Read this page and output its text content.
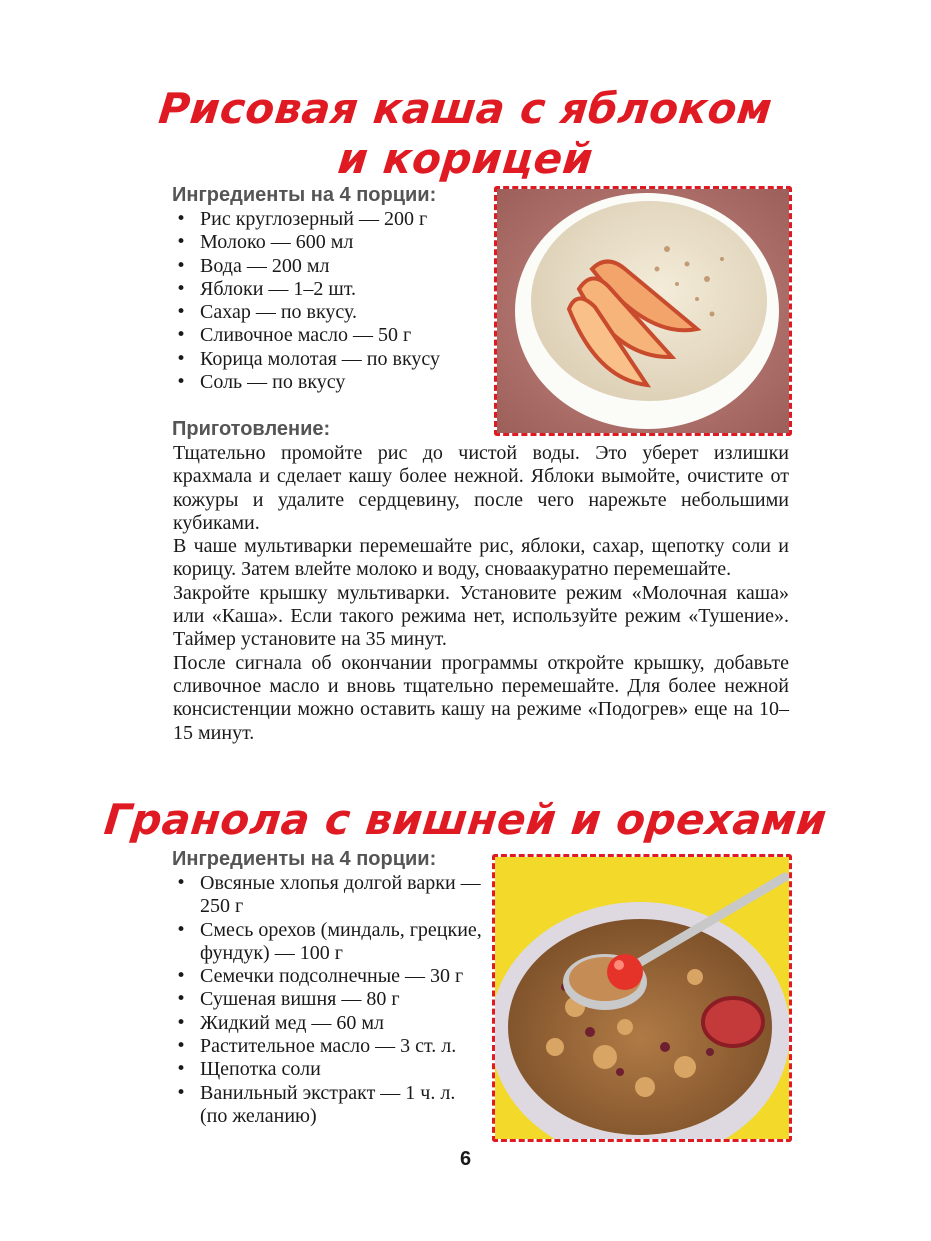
Рисовая каша с яблоком
и корицей
Ингредиенты на 4 порции:
• Рис круглозерный — 200 г
• Молоко — 600 мл
• Вода — 200 мл
• Яблоки — 1–2 шт.
• Сахар — по вкусу.
• Сливочное масло — 50 г
• Корица молотая — по вкусу
• Соль — по вкусу
Приготовление:

Тщательно промойте рис до чистой воды. Это уберет излишки крахмала и сделает кашу более нежной. Яблоки вымойте, очистите от кожуры и удалите сердцевину, после чего нарежьте небольшими кубиками.

В чаше мультиварки перемешайте рис, яблоки, сахар, щепотку соли и корицу. Затем влейте молоко и воду, сноваакуратно перемешайте.

Закройте крышку мультиварки. Установите режим «Молочная каша» или «Каша». Если такого режима нет, используйте режим «Тушение». Таймер установите на 35 минут.

После сигнала об окончании программы откройте крышку, добавьте сливочное масло и вновь тщательно перемешайте. Для более нежной консистенции можно оставить кашу на режиме «Подогрев» еще на 10–15 минут.

Гранола с вишней и орехами
Ингредиенты на 4 порции:
• Овсяные хлопья долгой варки — 250 г
• Смесь орехов (миндаль, грецкие, фундук) — 100 г
• Семечки подсолнечные — 30 г
• Сушеная вишня — 80 г
• Жидкий мед — 60 мл
• Растительное масло — 3 ст. л.
• Щепотка соли
• Ванильный экстракт — 1 ч. л. (по желанию)
6
